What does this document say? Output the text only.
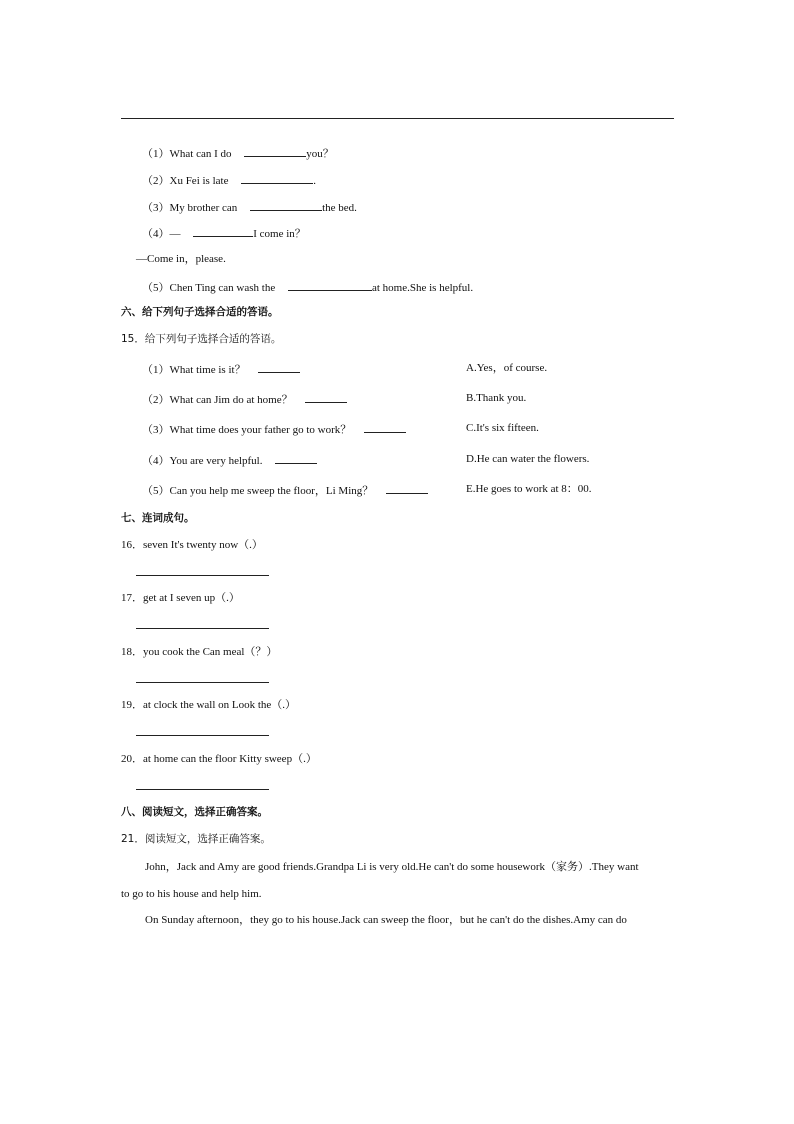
（1）What can I do	you？
（2）Xu Fei is late	.
（3）My brother can	the bed.
（4）—	I come in？
—Come in，please.
（5）Chen Ting can wash the	at home.She is helpful.
六、给下列句子选择合适的答语。
15．给下列句子选择合适的答语。
（1）What time is it？
（2）What can Jim do at home？
（3）What time does your father go to work？
（4）You are very helpful.
（5）Can you help me sweep the floor，Li Ming？
A.Yes，of course.
B.Thank you.
C.It's six fifteen.
D.He can water the flowers.
E.He goes to work at 8：00.
七、连词成句。
16．seven It's twenty now（.）
17．get at I seven up（.）
18．you cook the Can meal（？）
19．at clock the wall on Look the（.）
20．at home can the floor Kitty sweep（.）
八、阅读短文，选择正确答案。
21．阅读短文，选择正确答案。
John，Jack and Amy are good friends.Grandpa Li is very old.He can't do some housework（家务）.They want
to go to his house and help him.
On Sunday afternoon，they go to his house.Jack can sweep the floor，but he can't do the dishes.Amy can do
